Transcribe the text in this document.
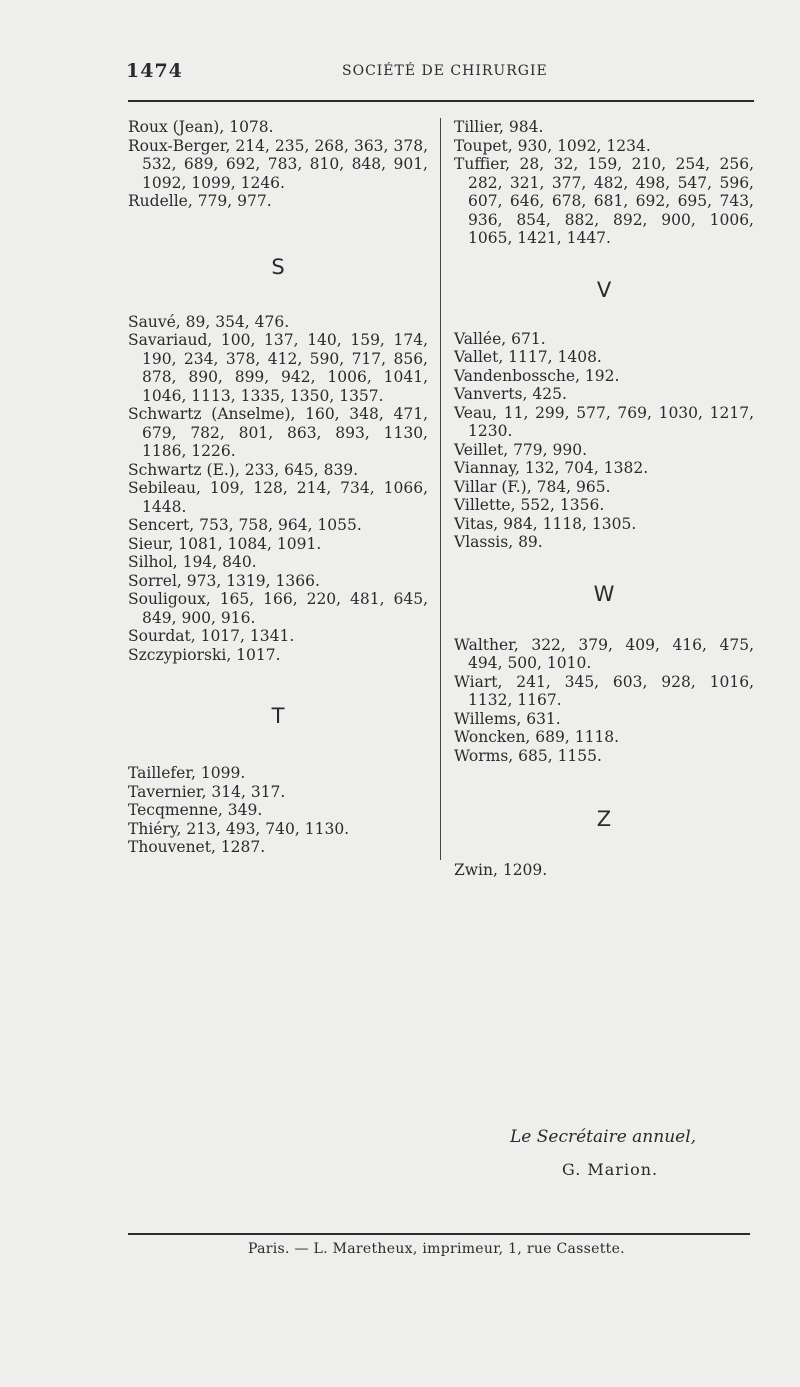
1474	SOCIÉTÉ DE CHIRURGIE
Roux (Jean), 1078.
Roux-Berger, 214, 235, 268, 363, 378, 532, 689, 692, 783, 810, 848, 901, 1092, 1099, 1246.
Rudelle, 779, 977.
S
Sauvé, 89, 354, 476.
Savariaud, 100, 137, 140, 159, 174, 190, 234, 378, 412, 590, 717, 856, 878, 890, 899, 942, 1006, 1041, 1046, 1113, 1335, 1350, 1357.
Schwartz (Anselme), 160, 348, 471, 679, 782, 801, 863, 893, 1130, 1186, 1226.
Schwartz (E.), 233, 645, 839.
Sebileau, 109, 128, 214, 734, 1066, 1448.
Sencert, 753, 758, 964, 1055.
Sieur, 1081, 1084, 1091.
Silhol, 194, 840.
Sorrel, 973, 1319, 1366.
Souligoux, 165, 166, 220, 481, 645, 849, 900, 916.
Sourdat, 1017, 1341.
Szczypiorski, 1017.
T
Taillefer, 1099.
Tavernier, 314, 317.
Tecqmenne, 349.
Thiéry, 213, 493, 740, 1130.
Thouvenet, 1287.
Tillier, 984.
Toupet, 930, 1092, 1234.
Tuffier, 28, 32, 159, 210, 254, 256, 282, 321, 377, 482, 498, 547, 596, 607, 646, 678, 681, 692, 695, 743, 936, 854, 882, 892, 900, 1006, 1065, 1421, 1447.
V
Vallée, 671.
Vallet, 1117, 1408.
Vandenbossche, 192.
Vanverts, 425.
Veau, 11, 299, 577, 769, 1030, 1217, 1230.
Veillet, 779, 990.
Viannay, 132, 704, 1382.
Villar (F.), 784, 965.
Villette, 552, 1356.
Vitas, 984, 1118, 1305.
Vlassis, 89.
W
Walther, 322, 379, 409, 416, 475, 494, 500, 1010.
Wiart, 241, 345, 603, 928, 1016, 1132, 1167.
Willems, 631.
Woncken, 689, 1118.
Worms, 685, 1155.
Z
Zwin, 1209.
Le Secrétaire annuel,
G. Marion.
Paris. — L. Maretheux, imprimeur, 1, rue Cassette.
